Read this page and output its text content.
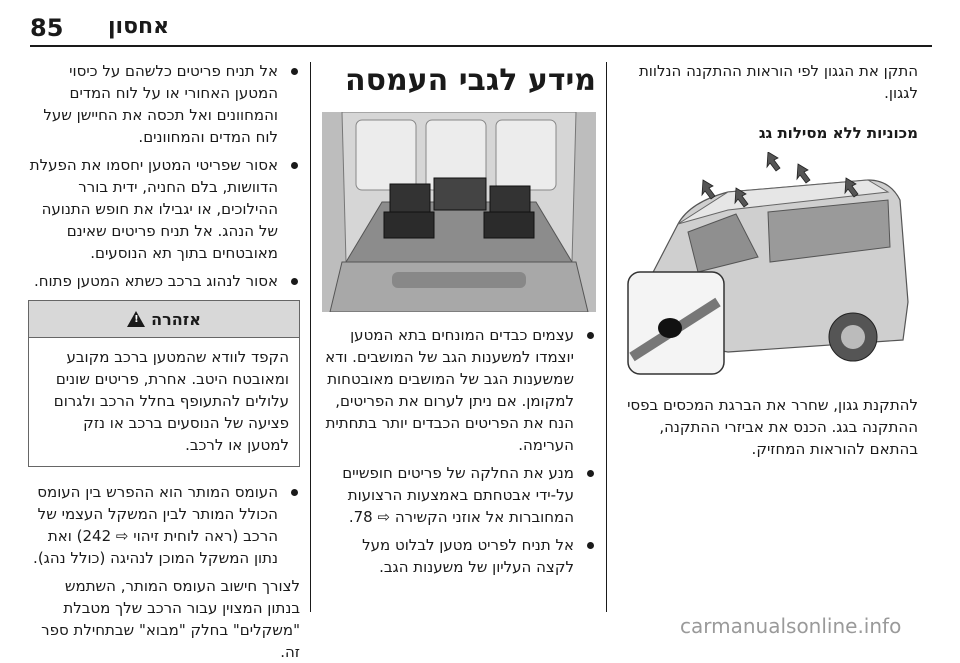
85 אחסון

התקן את הגגון לפי הוראות ההתקנה הנלוות לגגון.

מכוניות ללא מסילות גג

להתקנת גגון, שחרר את הברגת המכסים בפסי ההתקנה בגג. הכנס את אביזרי ההתקנה, בהתאם להוראות המחזיק.

מידע לגבי העמסה

עצמים כבדים המונחים בתא המטען יוצמדו למשענות הגב של המושבים. ודא שמשענות הגב של המושבים מאובטחות למקומן. אם ניתן לערום את הפריטים, הנח את הפריטים הכבדים יותר בתחתית הערימה.
מנע את החלקה של פריטים חופשיים על-ידי אבטחתם באמצעות הרצועות המחוברות אל אוזני הקשירה ⇨ 78.
אל תניח לפריט מטען לבלוט מעל לקצה העליון של משענות הגב.
אל תניח פריטים כלשהם על כיסוי המטען האחורי או על לוח המדים והמחוונים ואל תכסה את החיישן שעל לוח המדים והמחוונים.
אסור שפריטי המטען יחסמו את הפעלת הדוושות, בלם החניה, ידית בורר ההילוכים, או יגבילו את חופש התנועה של הנהג. אל תניח פריטים שאינם מאובטחים בתוך תא הנוסעים.
אסור לנהוג ברכב כשתא המטען פתוח.
אזהרה
!
הקפד לוודא שהמטען ברכב מקובע ומאובטח היטב. אחרת, פריטים שונים עלולים להתעופף בחלל הרכב ולגרום פציעה של הנוסעים ברכב או נזק למטען או לרכב.
העומס המותר הוא ההפרש בין העומס הכולל המותר לבין המשקל העצמי של הרכב (ראה לוחית זיהוי ⇨ 242) ואת נתון המשקל המוכן לנהיגה (כולל נהג).

לצורך חישוב העומס המותר, השתמש בנתון המצוין עבור הרכב שלך מטבלת "משקלים" בחלק "מבוא" שבתחילת ספר זה.

carmanualsonline.info
